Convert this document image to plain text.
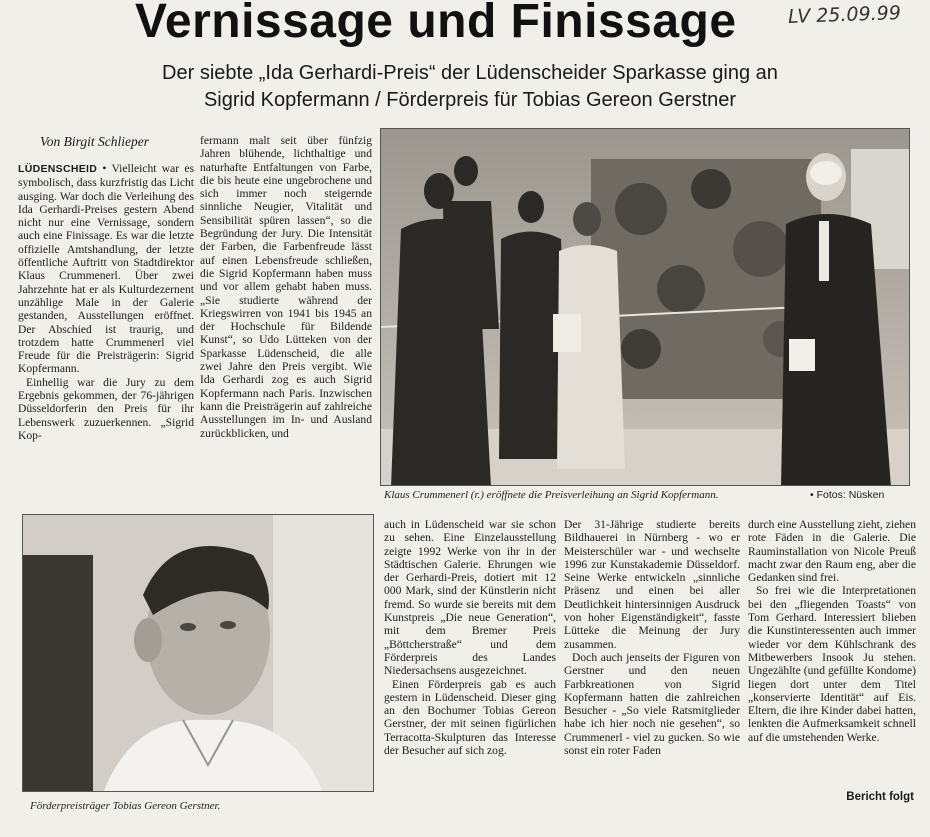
Vernissage und Finissage	LV 25.09.99
Der siebte „Ida Gerhardi-Preis“ der Lüdenscheider Sparkasse ging an
Sigrid Kopfermann / Förderpreis für Tobias Gereon Gerstner
Von Birgit Schlieper

LÜDENSCHEID • Vielleicht war es symbolisch, dass kurzfristig das Licht ausging. War doch die Verleihung des Ida Gerhardi-Preises gestern Abend nicht nur eine Vernissage, sondern auch eine Finissage. Es war die letzte offizielle Amtshandlung, der letzte öffentliche Auftritt von Stadtdirektor Klaus Crummenerl. Über zwei Jahrzehnte hat er als Kulturdezernent unzählige Male in der Galerie gestanden, Ausstellungen eröffnet. Der Abschied ist traurig, und trotzdem hatte Crummenerl viel Freude für die Preisträgerin: Sigrid Kopfermann.

Einhellig war die Jury zu dem Ergebnis gekommen, der 76-jährigen Düsseldorferin den Preis für ihr Lebenswerk zuzuerkennen. „Sigrid Kop-

fermann malt seit über fünfzig Jahren blühende, lichthaltige und naturhafte Entfaltungen von Farbe, die bis heute eine ungebrochene und sich immer noch steigernde sinnliche Neugier, Vitalität und Sensibilität spüren lassen“, so die Begründung der Jury. Die Intensität der Farben, die Farbenfreude lässt auf einen Lebensfreude schließen, die Sigrid Kopfermann haben muss und vor allem gehabt haben muss. „Sie studierte während der Kriegswirren von 1941 bis 1945 an der Hochschule für Bildende Kunst“, so Udo Lütteken von der Sparkasse Lüdenscheid, die alle zwei Jahre den Preis vergibt. Wie Ida Gerhardi zog es auch Sigrid Kopfermann nach Paris. Inzwischen kann die Preisträgerin auf zahlreiche Ausstellungen im In- und Ausland zurückblicken, und

Klaus Crummenerl (r.) eröffnete die Preisverleihung an Sigrid Kopfermann.	• Fotos: Nüsken
Förderpreisträger Tobias Gereon Gerstner.

auch in Lüdenscheid war sie schon zu sehen. Eine Einzelausstellung zeigte 1992 Werke von ihr in der Städtischen Galerie. Ehrungen wie der Gerhardi-Preis, dotiert mit 12 000 Mark, sind der Künstlerin nicht fremd. So wurde sie bereits mit dem Kunstpreis „Die neue Generation“, mit dem Bremer Preis „Böttcherstraße“ und dem Förderpreis des Landes Niedersachsens ausgezeichnet.

Einen Förderpreis gab es auch gestern in Lüdenscheid. Dieser ging an den Bochumer Tobias Gereon Gerstner, der mit seinen figürlichen Terracotta-Skulpturen das Interesse der Besucher auf sich zog.

Der 31-Jährige studierte bereits Bildhauerei in Nürnberg - wo er Meisterschüler war - und wechselte 1996 zur Kunstakademie Düsseldorf. Seine Werke entwickeln „sinnliche Präsenz und einen bei aller Deutlichkeit hintersinnigen Ausdruck von hoher Eigenständigkeit“, fasste Lütteke die Meinung der Jury zusammen.

Doch auch jenseits der Figuren von Gerstner und den neuen Farbkreationen von Sigrid Kopfermann hatten die zahlreichen Besucher - „So viele Ratsmitglieder habe ich hier noch nie gesehen“, so Crummenerl - viel zu gucken. So wie sonst ein roter Faden

durch eine Ausstellung zieht, ziehen rote Fäden in die Galerie. Die Rauminstallation von Nicole Preuß macht zwar den Raum eng, aber die Gedanken sind frei.

So frei wie die Interpretationen bei den „fliegenden Toasts“ von Tom Gerhard. Interessiert blieben die Kunstinteressenten auch immer wieder vor dem Kühlschrank des Mitbewerbers Insook Ju stehen. Ungezählte (und gefüllte Kondome) liegen dort unter dem Titel „konservierte Identität“ auf Eis. Eltern, die ihre Kinder dabei hatten, lenkten die Aufmerksamkeit schnell auf die umstehenden Werke.

Bericht folgt
